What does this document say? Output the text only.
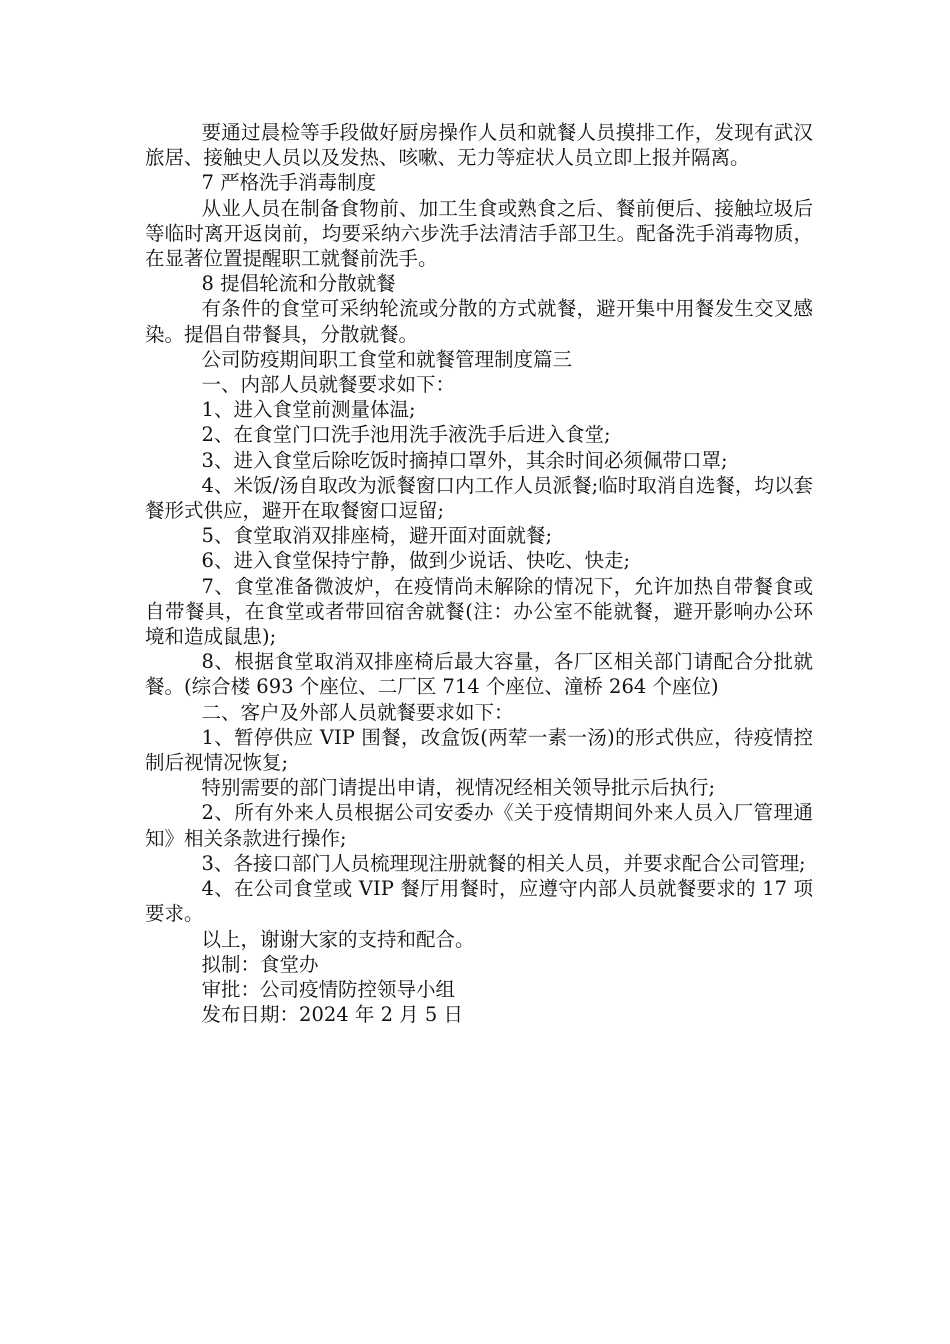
要通过晨检等手段做好厨房操作人员和就餐人员摸排工作，发现有武汉旅居、接触史人员以及发热、咳嗽、无力等症状人员立即上报并隔离。

7 严格洗手消毒制度

从业人员在制备食物前、加工生食或熟食之后、餐前便后、接触垃圾后等临时离开返岗前，均要采纳六步洗手法清洁手部卫生。配备洗手消毒物质，在显著位置提醒职工就餐前洗手。

8 提倡轮流和分散就餐

有条件的食堂可采纳轮流或分散的方式就餐，避开集中用餐发生交叉感染。提倡自带餐具，分散就餐。

公司防疫期间职工食堂和就餐管理制度篇三

一、内部人员就餐要求如下：

1、进入食堂前测量体温;

2、在食堂门口洗手池用洗手液洗手后进入食堂;

3、进入食堂后除吃饭时摘掉口罩外，其余时间必须佩带口罩;

4、米饭/汤自取改为派餐窗口内工作人员派餐;临时取消自选餐，均以套餐形式供应，避开在取餐窗口逗留;

5、食堂取消双排座椅，避开面对面就餐;

6、进入食堂保持宁静，做到少说话、快吃、快走;

7、食堂准备微波炉，在疫情尚未解除的情况下，允许加热自带餐食或自带餐具，在食堂或者带回宿舍就餐(注：办公室不能就餐，避开影响办公环境和造成鼠患);

8、根据食堂取消双排座椅后最大容量，各厂区相关部门请配合分批就餐。(综合楼 693 个座位、二厂区 714 个座位、潼桥 264 个座位)

二、客户及外部人员就餐要求如下：

1、暂停供应 VIP 围餐，改盒饭(两荤一素一汤)的形式供应，待疫情控制后视情况恢复;

特别需要的部门请提出申请，视情况经相关领导批示后执行;

2、所有外来人员根据公司安委办《关于疫情期间外来人员入厂管理通知》相关条款进行操作;

3、各接口部门人员梳理现注册就餐的相关人员，并要求配合公司管理;

4、在公司食堂或 VIP 餐厅用餐时，应遵守内部人员就餐要求的 17 项要求。

以上，谢谢大家的支持和配合。

拟制：食堂办

审批：公司疫情防控领导小组

发布日期：2024 年 2 月 5 日
